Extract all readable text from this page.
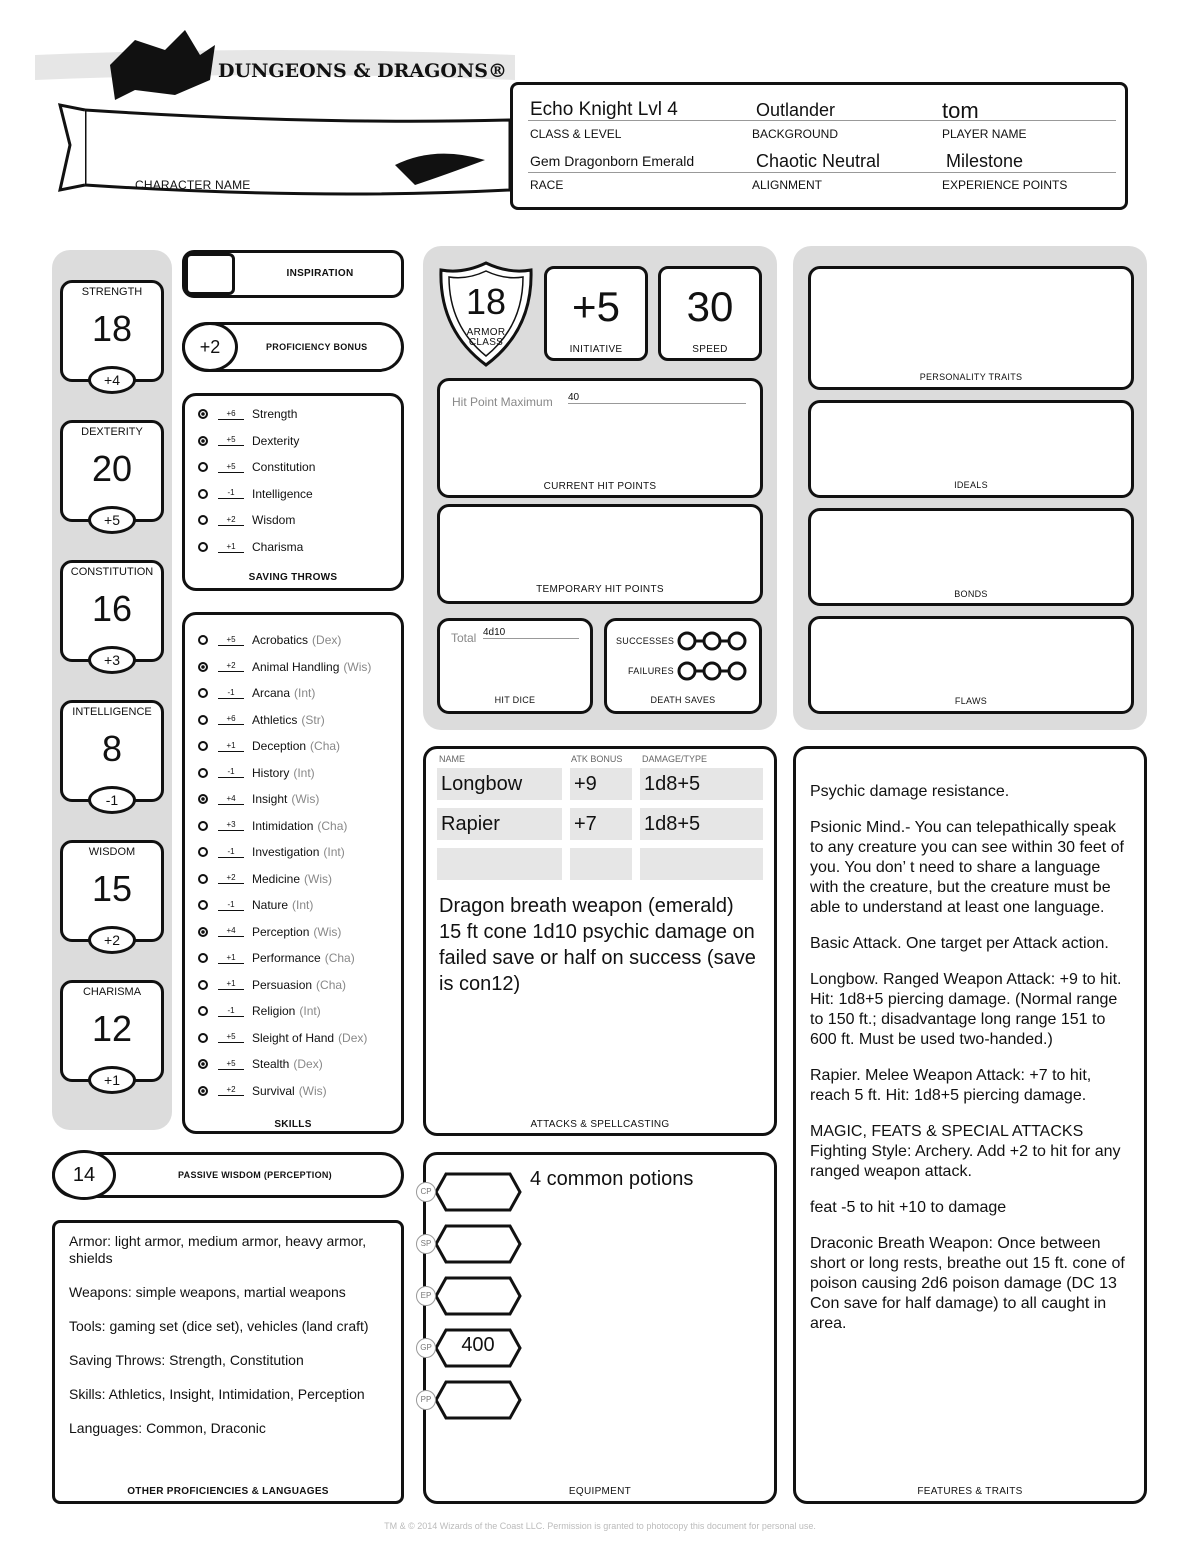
DUNGEONS & DRAGONS®
CHARACTER NAME
Echo Knight Lvl 4
CLASS & LEVEL
Outlander
BACKGROUND
tom
PLAYER NAME
Gem Dragonborn Emerald
RACE
Chaotic Neutral
ALIGNMENT
Milestone
EXPERIENCE POINTS
STRENGTH
18
+4
DEXTERITY
20
+5
CONSTITUTION
16
+3
INTELLIGENCE
8
-1
WISDOM
15
+2
CHARISMA
12
+1
INSPIRATION
+2	PROFICIENCY BONUS
+6	Strength
+5	Dexterity
+5	Constitution
-1	Intelligence
+2	Wisdom
+1	Charisma
SAVING THROWS
+5	Acrobatics (Dex)
+2	Animal Handling (Wis)
-1	Arcana (Int)
+6	Athletics (Str)
+1	Deception (Cha)
-1	History (Int)
+4	Insight (Wis)
+3	Intimidation (Cha)
-1	Investigation (Int)
+2	Medicine (Wis)
-1	Nature (Int)
+4	Perception (Wis)
+1	Performance (Cha)
+1	Persuasion (Cha)
-1	Religion (Int)
+5	Sleight of Hand (Dex)
+5	Stealth (Dex)
+2	Survival (Wis)
SKILLS
14	PASSIVE WISDOM (PERCEPTION)
Armor: light armor, medium armor, heavy armor, shields
Weapons: simple weapons, martial weapons
Tools: gaming set (dice set), vehicles (land craft)
Saving Throws: Strength, Constitution
Skills: Athletics, Insight, Intimidation, Perception
Languages: Common, Draconic
OTHER PROFICIENCIES & LANGUAGES
18
ARMOR CLASS
+5
INITIATIVE
30
SPEED
Hit Point Maximum 40
CURRENT HIT POINTS
TEMPORARY HIT POINTS
Total 4d10
HIT DICE
SUCCESSES
FAILURES
DEATH SAVES
PERSONALITY TRAITS
IDEALS
BONDS
FLAWS
NAME	ATK BONUS DAMAGE/TYPE
Longbow	+9	1d8+5
Rapier	+7	1d8+5
Dragon breath weapon (emerald) 15 ft cone 1d10 psychic damage on failed save or half on success (save is con12)
ATTACKS & SPELLCASTING
CP
SP
EP
GP	400
PP
4 common potions
EQUIPMENT

Psychic damage resistance.

Psionic Mind.- You can telepathically speak to any creature you can see within 30 feet of you. You don’ t need to share a language with the creature, but the creature must be able to understand at least one language.

Basic Attack. One target per Attack action.

Longbow. Ranged Weapon Attack: +9 to hit. Hit: 1d8+5 piercing damage. (Normal range to 150 ft.; disadvantage long range 151 to 600 ft. Must be used two-handed.)

Rapier. Melee Weapon Attack: +7 to hit, reach 5 ft. Hit: 1d8+5 piercing damage.

MAGIC, FEATS & SPECIAL ATTACKS Fighting Style: Archery. Add +2 to hit for any ranged weapon attack.

feat -5 to hit +10 to damage

Draconic Breath Weapon: Once between short or long rests, breathe out 15 ft. cone of poison causing 2d6 poison damage (DC 13 Con save for half damage) to all caught in area.

FEATURES & TRAITS
TM & © 2014 Wizards of the Coast LLC. Permission is granted to photocopy this document for personal use.
